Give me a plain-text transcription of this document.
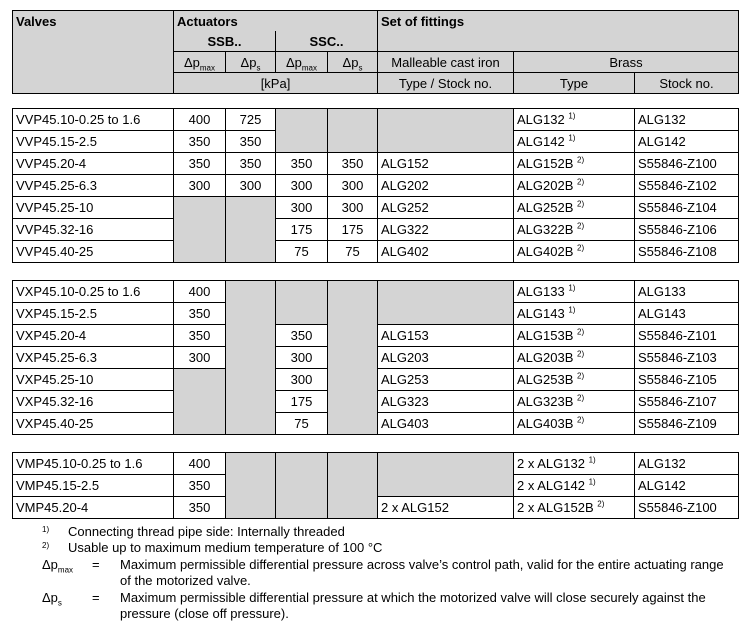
Valves	Actuators				Set of fittings		
	SSB..		SSC..				
	$\Delta p_{max}$	$\Delta p_s$	$\Delta p_{max}$	$\Delta p_s$	Malleable cast iron	Brass	
	[kPa]				Type / Stock no.	Type	Stock no.
VVP45.10-0.25 to 1.6	400	725				ALG132 $^{1)}$	ALG132
VVP45.15-2.5	350	350				ALG142 $^{1)}$	ALG142
VVP45.20-4	350	350	350	350	ALG152	ALG152B $^{2)}$	S55846-Z100
VVP45.25-6.3	300	300	300	300	ALG202	ALG202B $^{2)}$	S55846-Z102
VVP45.25-10			300	300	ALG252	ALG252B $^{2)}$	S55846-Z104
VVP45.32-16			175	175	ALG322	ALG322B $^{2)}$	S55846-Z106
VVP45.40-25			75	75	ALG402	ALG402B $^{2)}$	S55846-Z108
VXP45.10-0.25 to 1.6	400					ALG133 $^{1)}$	ALG133
VXP45.15-2.5	350					ALG143 $^{1)}$	ALG143
VXP45.20-4	350		350		ALG153	ALG153B $^{2)}$	S55846-Z101
VXP45.25-6.3	300		300		ALG203	ALG203B $^{2)}$	S55846-Z103
VXP45.25-10			300		ALG253	ALG253B $^{2)}$	S55846-Z105
VXP45.32-16			175		ALG323	ALG323B $^{2)}$	S55846-Z107
VXP45.40-25			75		ALG403	ALG403B $^{2)}$	S55846-Z109
VMP45.10-0.25 to 1.6	400					2 x ALG132 $^{1)}$	ALG132
VMP45.15-2.5	350					2 x ALG142 $^{1)}$	ALG142
VMP45.20-4	350				2 x ALG152	2 x ALG152B $^{2)}$	S55846-Z100
1) Connecting thread pipe side: Internally threaded
2) Usable up to maximum medium temperature of 100 °C
$\Delta p_{max}$ = Maximum permissible differential pressure across valve’s control path, valid for the entire actuating range of the motorized valve.
$\Delta p_s$ = Maximum permissible differential pressure at which the motorized valve will close securely against the pressure (close off pressure).
